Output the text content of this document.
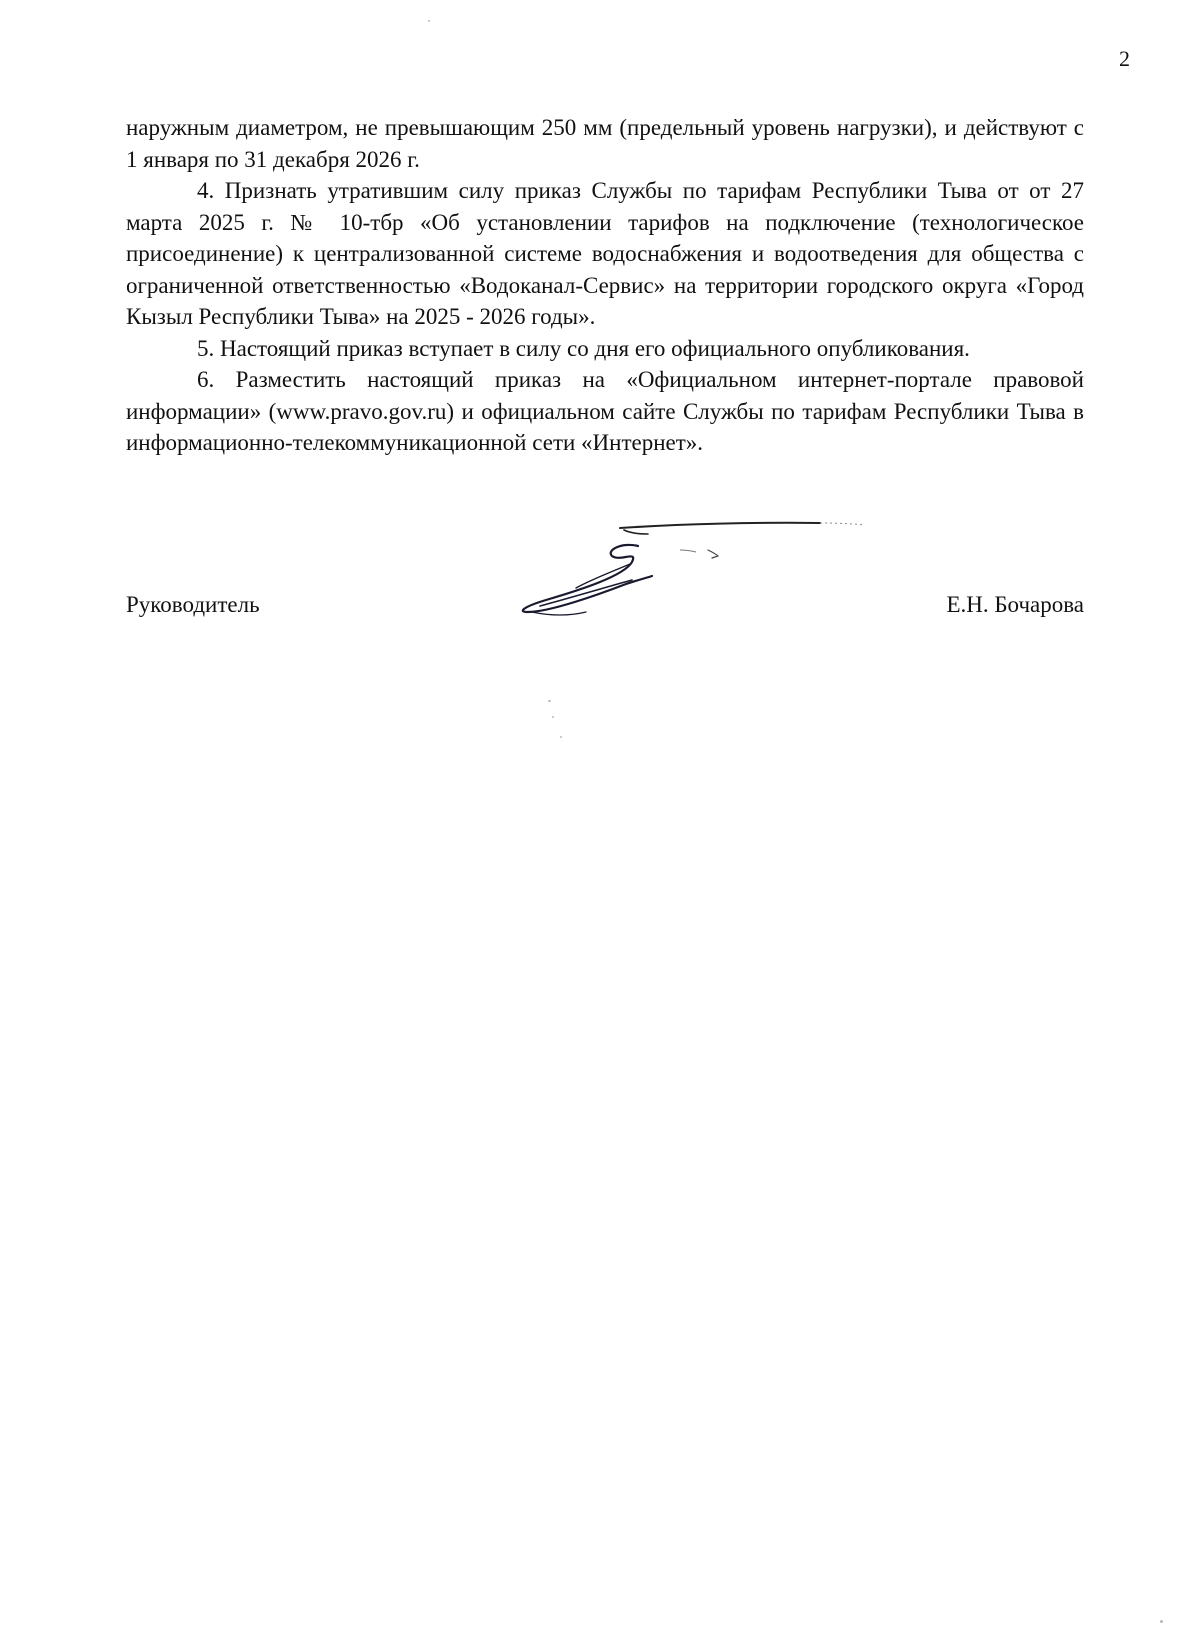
2

наружным диаметром, не превышающим 250 мм (предельный уровень нагрузки), и действуют с 1 января по 31 декабря 2026 г.

4. Признать утратившим силу приказ Службы по тарифам Республики Тыва от от 27 марта 2025 г. № 10-тбр «Об установлении тарифов на подключение (технологическое присоединение) к централизованной системе водоснабжения и водоотведения для общества с ограниченной ответственностью «Водоканал-Сервис» на территории городского округа «Город Кызыл Республики Тыва» на 2025 - 2026 годы».

5. Настоящий приказ вступает в силу со дня его официального опубликования.

6. Разместить настоящий приказ на «Официальном интернет-портале правовой информации» (www.pravo.gov.ru) и официальном сайте Службы по тарифам Республики Тыва в информационно-телекоммуникационной сети «Интернет».

Руководитель	Е.Н. Бочарова
